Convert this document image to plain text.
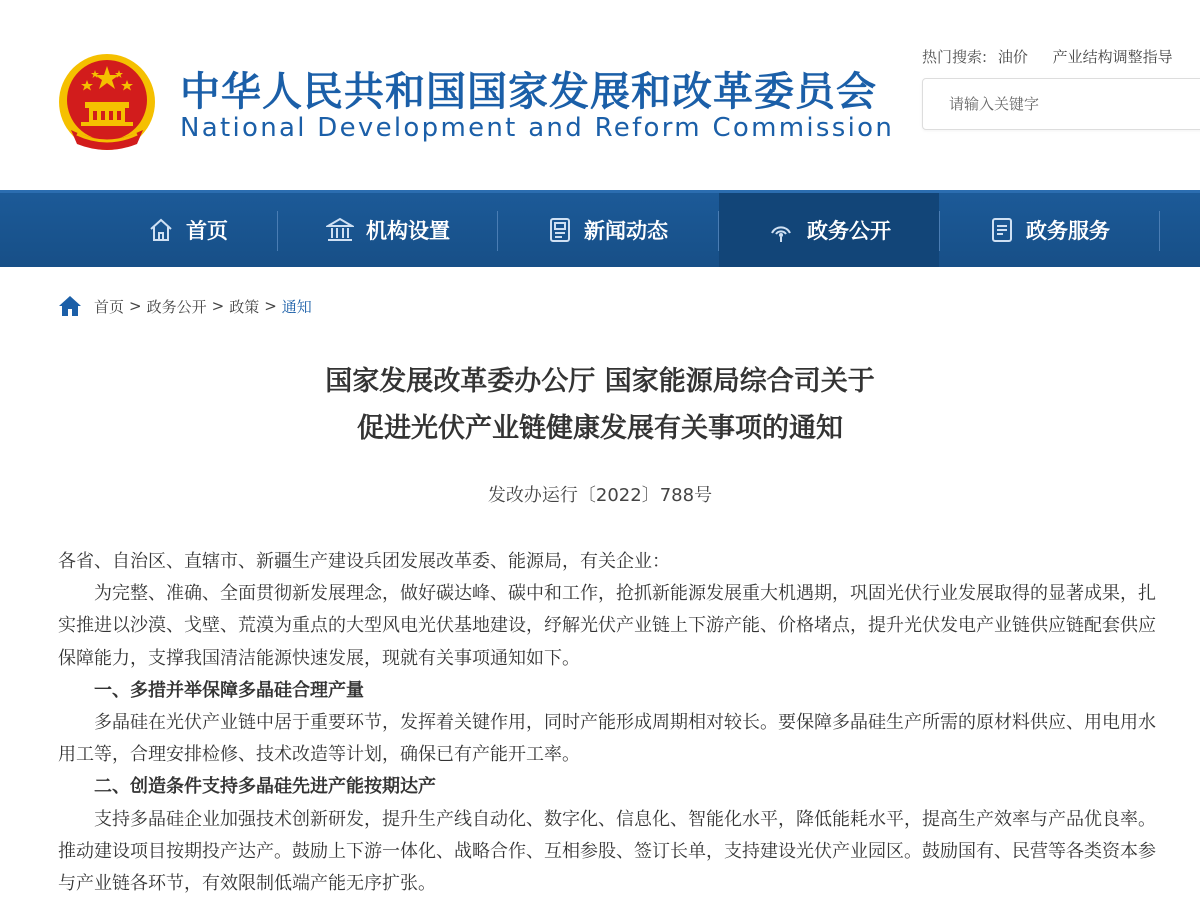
中华人民共和国国家发展和改革委员会
National Development and Reform Commission
热门搜索: 油价 产业结构调整指导
请输入关键字
首页	机构设置	新闻动态	政务公开	政务服务
首页 > 政务公开 > 政策 > 通知
国家发展改革委办公厅 国家能源局综合司关于
促进光伏产业链健康发展有关事项的通知
发改办运行〔2022〕788号

各省、自治区、直辖市、新疆生产建设兵团发展改革委、能源局，有关企业：

为完整、准确、全面贯彻新发展理念，做好碳达峰、碳中和工作，抢抓新能源发展重大机遇期，巩固光伏行业发展取得的显著成果，扎实推进以沙漠、戈壁、荒漠为重点的大型风电光伏基地建设，纾解光伏产业链上下游产能、价格堵点，提升光伏发电产业链供应链配套供应保障能力，支撑我国清洁能源快速发展，现就有关事项通知如下。

一、多措并举保障多晶硅合理产量

多晶硅在光伏产业链中居于重要环节，发挥着关键作用，同时产能形成周期相对较长。要保障多晶硅生产所需的原材料供应、用电用水用工等，合理安排检修、技术改造等计划，确保已有产能开工率。

二、创造条件支持多晶硅先进产能按期达产

支持多晶硅企业加强技术创新研发，提升生产线自动化、数字化、信息化、智能化水平，降低能耗水平，提高生产效率与产品优良率。推动建设项目按期投产达产。鼓励上下游一体化、战略合作、互相参股、签订长单，支持建设光伏产业园区。鼓励国有、民营等各类资本参与产业链各环节，有效限制低端产能无序扩张。
